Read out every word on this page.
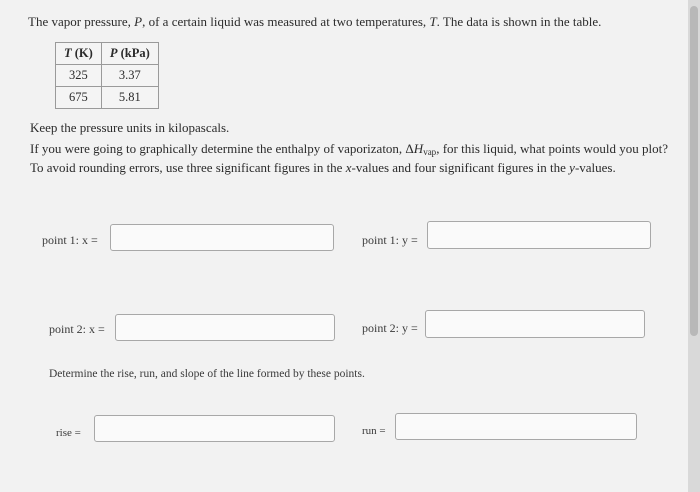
The vapor pressure, P, of a certain liquid was measured at two temperatures, T. The data is shown in the table.
T (K)	P (kPa)
325	3.37
675	5.81
Keep the pressure units in kilopascals.
If you were going to graphically determine the enthalpy of vaporizaton, $\Delta H_{vap}$, for this liquid, what points would you plot?
To avoid rounding errors, use three significant figures in the x-values and four significant figures in the y-values.
point 1: x =	point 1: y =
point 2: x =	point 2: y =
Determine the rise, run, and slope of the line formed by these points.
rise =	run =
